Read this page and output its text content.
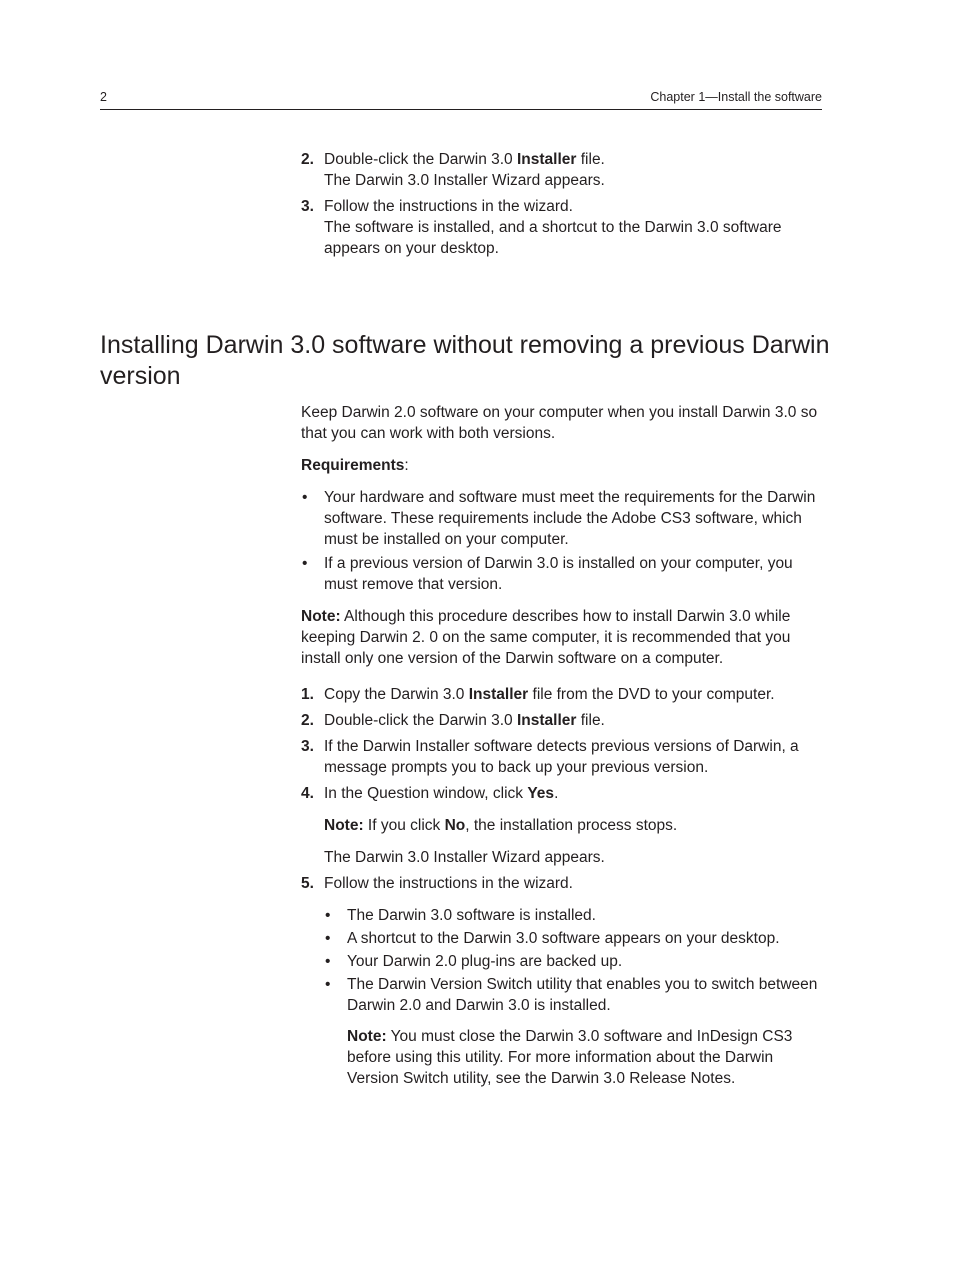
2	Chapter 1—Install the software
2. Double-click the Darwin 3.0 Installer file.
The Darwin 3.0 Installer Wizard appears.
3. Follow the instructions in the wizard.
The software is installed, and a shortcut to the Darwin 3.0 software appears on your desktop.
Installing Darwin 3.0 software without removing a previous Darwin version

Keep Darwin 2.0 software on your computer when you install Darwin 3.0 so that you can work with both versions.

Requirements:

• Your hardware and software must meet the requirements for the Darwin software. These requirements include the Adobe CS3 software, which must be installed on your computer.
• If a previous version of Darwin 3.0 is installed on your computer, you must remove that version.

Note: Although this procedure describes how to install Darwin 3.0 while keeping Darwin 2. 0 on the same computer, it is recommended that you install only one version of the Darwin software on a computer.

1. Copy the Darwin 3.0 Installer file from the DVD to your computer.
2. Double-click the Darwin 3.0 Installer file.
3. If the Darwin Installer software detects previous versions of Darwin, a message prompts you to back up your previous version.
4. In the Question window, click Yes.
Note: If you click No, the installation process stops.
The Darwin 3.0 Installer Wizard appears.
5. Follow the instructions in the wizard.
• The Darwin 3.0 software is installed.
• A shortcut to the Darwin 3.0 software appears on your desktop.
• Your Darwin 2.0 plug-ins are backed up.
• The Darwin Version Switch utility that enables you to switch between Darwin 2.0 and Darwin 3.0 is installed.
Note: You must close the Darwin 3.0 software and InDesign CS3 before using this utility. For more information about the Darwin Version Switch utility, see the Darwin 3.0 Release Notes.
